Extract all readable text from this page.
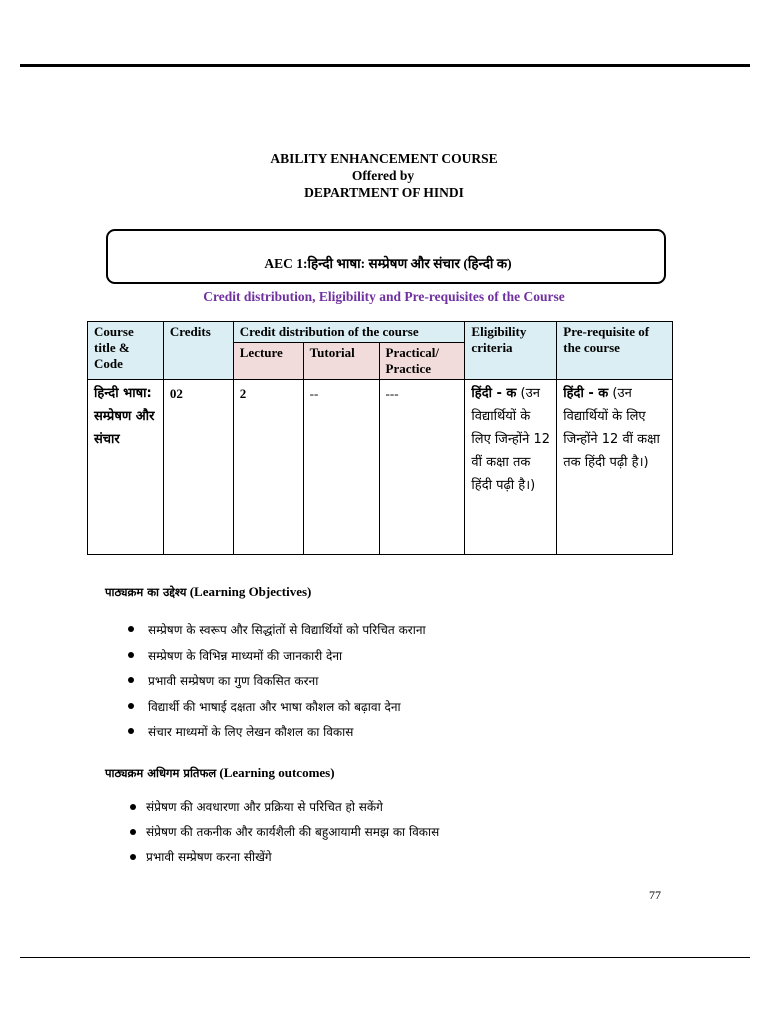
ABILITY ENHANCEMENT COURSE
Offered by
DEPARTMENT OF HINDI
AEC 1:हिन्दी भाषा: सम्प्रेषण और संचार (हिन्दी क)
Credit distribution, Eligibility and Pre-requisites of the Course
Course title & Code	Credits	Credit distribution of the course			Eligibility criteria	Pre-requisite of the course
		Lecture	Tutorial	Practical/ Practice		
हिन्दी भाषा: सम्प्रेषण और संचार	02	2	--	---	हिंदी - क (उन विद्यार्थियों के लिए जिन्होंने 12 वीं कक्षा तक हिंदी पढ़ी है।)	हिंदी - क (उन विद्यार्थियों के लिए जिन्होंने 12 वीं कक्षा तक हिंदी पढ़ी है।)
पाठ्यक्रम का उद्देश्य (Learning Objectives)
सम्प्रेषण के स्वरूप और सिद्धांतों से विद्यार्थियों को परिचित कराना
सम्प्रेषण के विभिन्न माध्यमों की जानकारी देना
प्रभावी सम्प्रेषण का गुण विकसित करना
विद्यार्थी की भाषाई दक्षता और भाषा कौशल को बढ़ावा देना
संचार माध्यमों के लिए लेखन कौशल का विकास
पाठ्यक्रम अधिगम प्रतिफल (Learning outcomes)
संप्रेषण की अवधारणा और प्रक्रिया से परिचित हो सकेंगे
संप्रेषण की तकनीक और कार्यशैली की बहुआयामी समझ का विकास
प्रभावी सम्प्रेषण करना सीखेंगे
77
